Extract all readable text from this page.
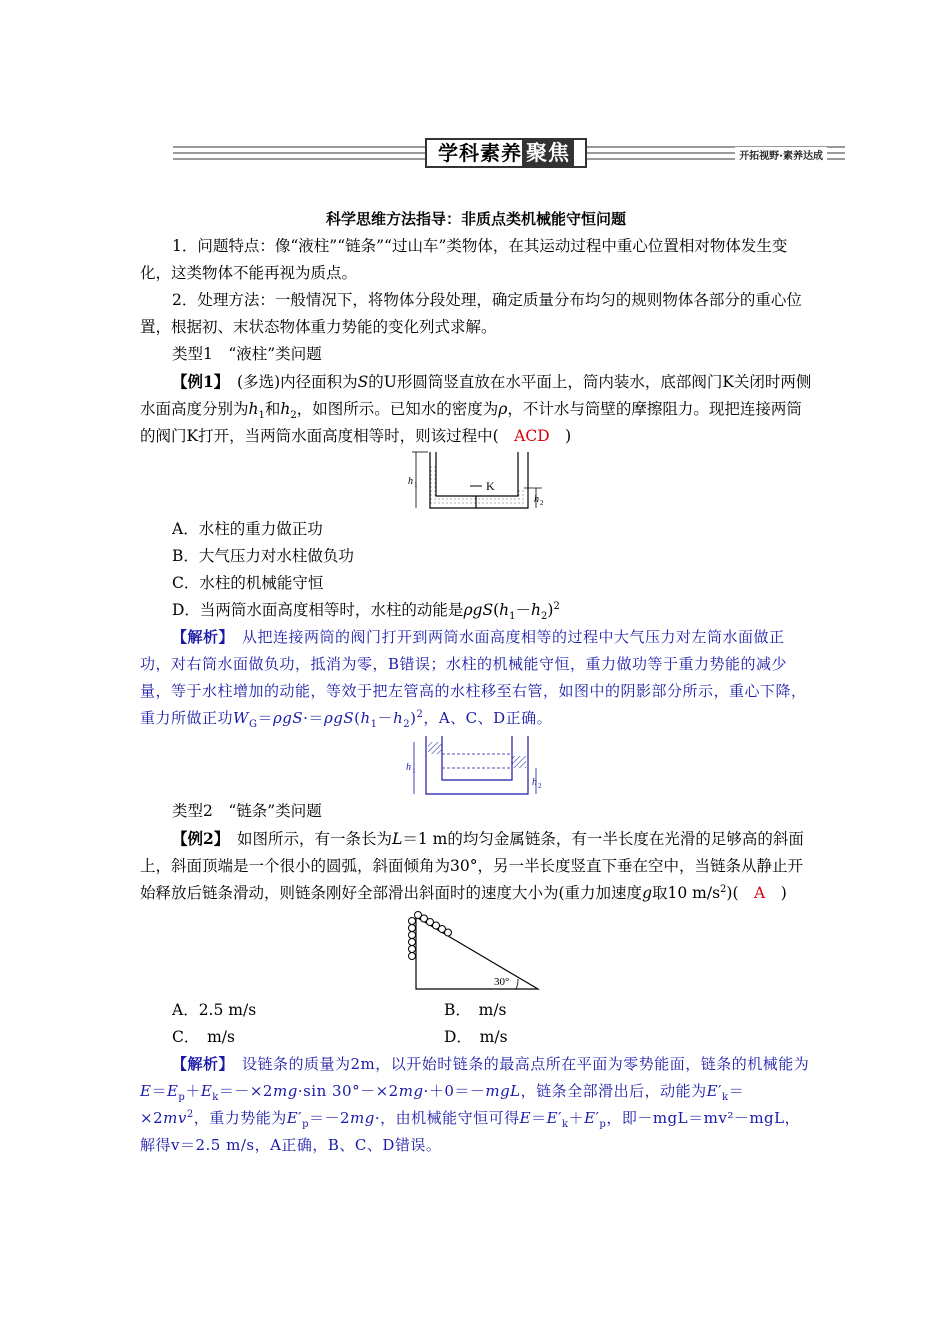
学科素养 聚焦	开拓视野·素养达成

科学思维方法指导：非质点类机械能守恒问题

1．问题特点：像“液柱”“链条”“过山车”类物体，在其运动过程中重心位置相对物体发生变化，这类物体不能再视为质点。

2．处理方法：一般情况下，将物体分段处理，确定质量分布均匀的规则物体各部分的重心位置，根据初、末状态物体重力势能的变化列式求解。

类型1　“液柱”类问题

【例1】　(多选)内径面积为S的U形圆筒竖直放在水平面上，筒内装水，底部阀门K关闭时两侧水面高度分别为$h_1$和$h_2$，如图所示。已知水的密度为ρ，不计水与筒壁的摩擦阻力。现把连接两筒的阀门K打开，当两筒水面高度相等时，则该过程中(　ACD　)

K
h 1
h 2

A．水柱的重力做正功

B．大气压力对水柱做负功

C．水柱的机械能守恒

D．当两筒水面高度相等时，水柱的动能是$\rho gS(h_1-h_2)^2$

【解析】　从把连接两筒的阀门打开到两筒水面高度相等的过程中大气压力对左筒水面做正功，对右筒水面做负功，抵消为零，B错误；水柱的机械能守恒，重力做功等于重力势能的减少量，等于水柱增加的动能，等效于把左管高的水柱移至右管，如图中的阴影部分所示，重心下降，重力所做正功$W_G=\rho gS\cdot=\rho gS(h_1-h_2)^2$，A、C、D正确。

h 1
h 2

类型2　“链条”类问题

【例2】　如图所示，有一条长为L＝1 m的均匀金属链条，有一半长度在光滑的足够高的斜面上，斜面顶端是一个很小的圆弧，斜面倾角为30°，另一半长度竖直下垂在空中，当链条从静止开始释放后链条滑动，则链条刚好全部滑出斜面时的速度大小为(重力加速度g取10 $m/s^2$)(　A　)

30°
A．2.5 m/s	B．　m/s
C．　m/s	D．　m/s

【解析】　设链条的质量为2m，以开始时链条的最高点所在平面为零势能面，链条的机械能为$E=E_p+E_k=-\times 2mg\cdot\sin$ 30°－×2mg·＋0＝－mgL，链条全部滑出后，动能为$E'_k=\times 2mv^2$，重力势能为$E'_p=-2mg\cdot$，由机械能守恒可得$E=E'_k+E'_p$，即－mgL＝mv²－mgL，解得v＝2.5 m/s，A正确，B、C、D错误。
